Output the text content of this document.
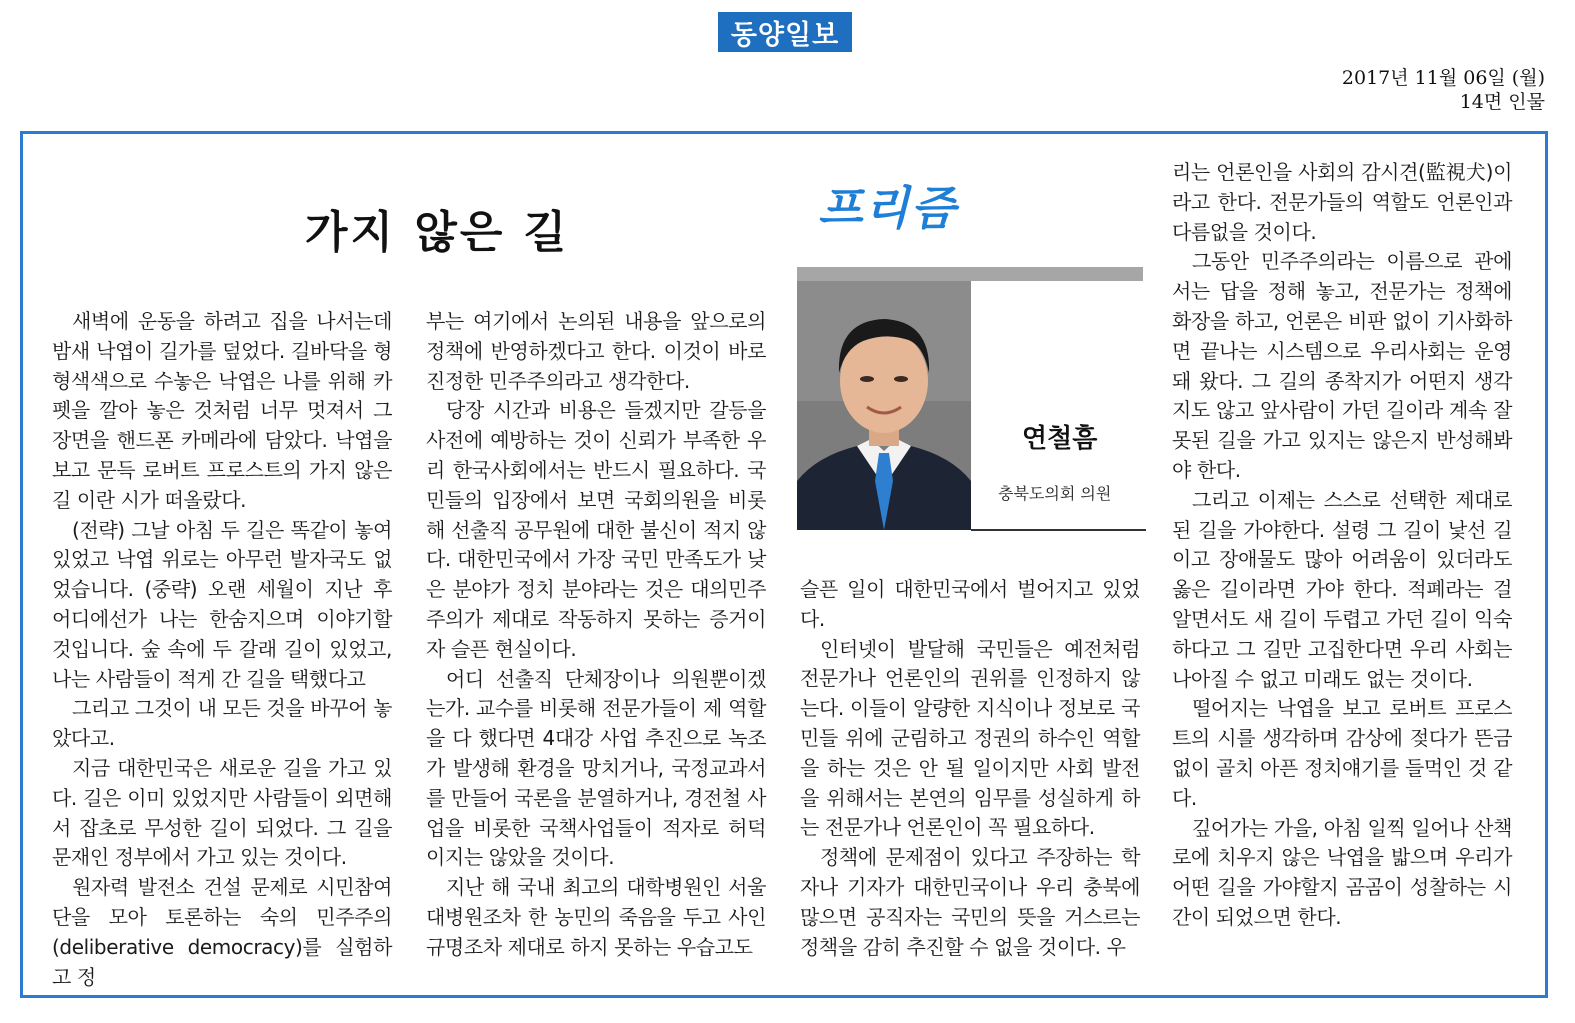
동양일보
2017년 11월 06일 (월)
14면 인물
가지 않은 길	프리즘
연철흠
충북도의회 의원

새벽에 운동을 하려고 집을 나서는데 밤새 낙엽이 길가를 덮었다. 길바닥을 형형색색으로 수놓은 낙엽은 나를 위해 카펫을 깔아 놓은 것처럼 너무 멋져서 그 장면을 핸드폰 카메라에 담았다. 낙엽을 보고 문득 로버트 프로스트의 가지 않은 길 이란 시가 떠올랐다.

(전략) 그날 아침 두 길은 똑같이 놓여 있었고 낙엽 위로는 아무런 발자국도 없었습니다. (중략) 오랜 세월이 지난 후 어디에선가 나는 한숨지으며 이야기할 것입니다. 숲 속에 두 갈래 길이 있었고, 나는 사람들이 적게 간 길을 택했다고

그리고 그것이 내 모든 것을 바꾸어 놓았다고.

지금 대한민국은 새로운 길을 가고 있다. 길은 이미 있었지만 사람들이 외면해서 잡초로 무성한 길이 되었다. 그 길을 문재인 정부에서 가고 있는 것이다.

원자력 발전소 건설 문제로 시민참여단을 모아 토론하는 숙의 민주주의(deliberative democracy)를 실험하고 정

부는 여기에서 논의된 내용을 앞으로의 정책에 반영하겠다고 한다. 이것이 바로 진정한 민주주의라고 생각한다.

당장 시간과 비용은 들겠지만 갈등을 사전에 예방하는 것이 신뢰가 부족한 우리 한국사회에서는 반드시 필요하다. 국민들의 입장에서 보면 국회의원을 비롯해 선출직 공무원에 대한 불신이 적지 않다. 대한민국에서 가장 국민 만족도가 낮은 분야가 정치 분야라는 것은 대의민주주의가 제대로 작동하지 못하는 증거이자 슬픈 현실이다.

어디 선출직 단체장이나 의원뿐이겠는가. 교수를 비롯해 전문가들이 제 역할을 다 했다면 4대강 사업 추진으로 녹조가 발생해 환경을 망치거나, 국정교과서를 만들어 국론을 분열하거나, 경전철 사업을 비롯한 국책사업들이 적자로 허덕이지는 않았을 것이다.

지난 해 국내 최고의 대학병원인 서울대병원조차 한 농민의 죽음을 두고 사인 규명조차 제대로 하지 못하는 우습고도

슬픈 일이 대한민국에서 벌어지고 있었다.

인터넷이 발달해 국민들은 예전처럼 전문가나 언론인의 권위를 인정하지 않는다. 이들이 알량한 지식이나 정보로 국민들 위에 군림하고 정권의 하수인 역할을 하는 것은 안 될 일이지만 사회 발전을 위해서는 본연의 임무를 성실하게 하는 전문가나 언론인이 꼭 필요하다.

정책에 문제점이 있다고 주장하는 학자나 기자가 대한민국이나 우리 충북에 많으면 공직자는 국민의 뜻을 거스르는 정책을 감히 추진할 수 없을 것이다. 우

리는 언론인을 사회의 감시견(監視犬)이라고 한다. 전문가들의 역할도 언론인과 다름없을 것이다.

그동안 민주주의라는 이름으로 관에서는 답을 정해 놓고, 전문가는 정책에 화장을 하고, 언론은 비판 없이 기사화하면 끝나는 시스템으로 우리사회는 운영돼 왔다. 그 길의 종착지가 어떤지 생각지도 않고 앞사람이 가던 길이라 계속 잘못된 길을 가고 있지는 않은지 반성해봐야 한다.

그리고 이제는 스스로 선택한 제대로 된 길을 가야한다. 설령 그 길이 낯선 길이고 장애물도 많아 어려움이 있더라도 옳은 길이라면 가야 한다. 적폐라는 걸 알면서도 새 길이 두렵고 가던 길이 익숙하다고 그 길만 고집한다면 우리 사회는 나아질 수 없고 미래도 없는 것이다.

떨어지는 낙엽을 보고 로버트 프로스트의 시를 생각하며 감상에 젖다가 뜬금없이 골치 아픈 정치얘기를 들먹인 것 같다.

깊어가는 가을, 아침 일찍 일어나 산책로에 치우지 않은 낙엽을 밟으며 우리가 어떤 길을 가야할지 곰곰이 성찰하는 시간이 되었으면 한다.
